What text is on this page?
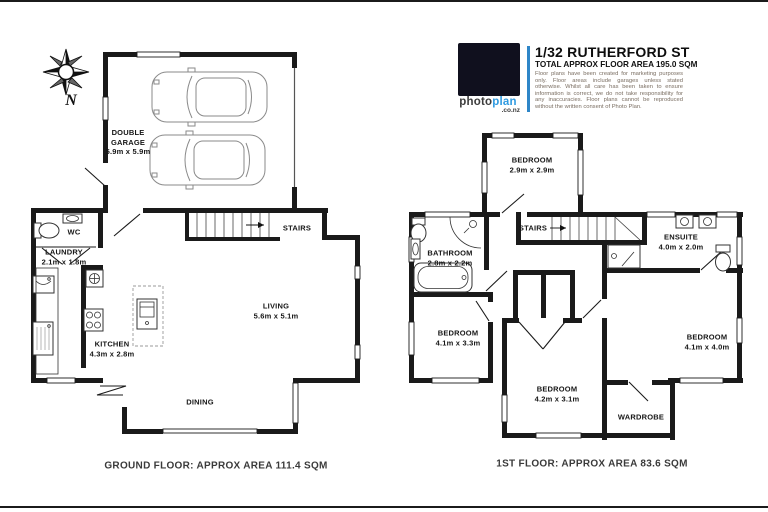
photoplan
.co.nz
1/32 RUTHERFORD ST
TOTAL APPROX FLOOR AREA 195.0 SQM
Floor plans have been created for marketing purposes only. Floor areas include garages unless stated otherwise. Whilst all care has been taken to ensure information is correct, we do not take responsibility for any inaccuracies. Floor plans cannot be reproduced without the written consent of Photo Plan.
N
DOUBLE GARAGE
5.9m x 5.9m
WC
LAUNDRY
2.1m x 1.8m
STAIRS
KITCHEN
4.3m x 2.8m
LIVING
5.6m x 5.1m
DINING
GROUND FLOOR: APPROX AREA 111.4 SQM
BEDROOM
2.9m x 2.9m
STAIRS
BATHROOM
2.8m x 2.2m
ENSUITE
4.0m x 2.0m
BEDROOM
4.1m x 3.3m
BEDROOM
4.2m x 3.1m
BEDROOM
4.1m x 4.0m
WARDROBE
1ST FLOOR: APPROX AREA 83.6 SQM
